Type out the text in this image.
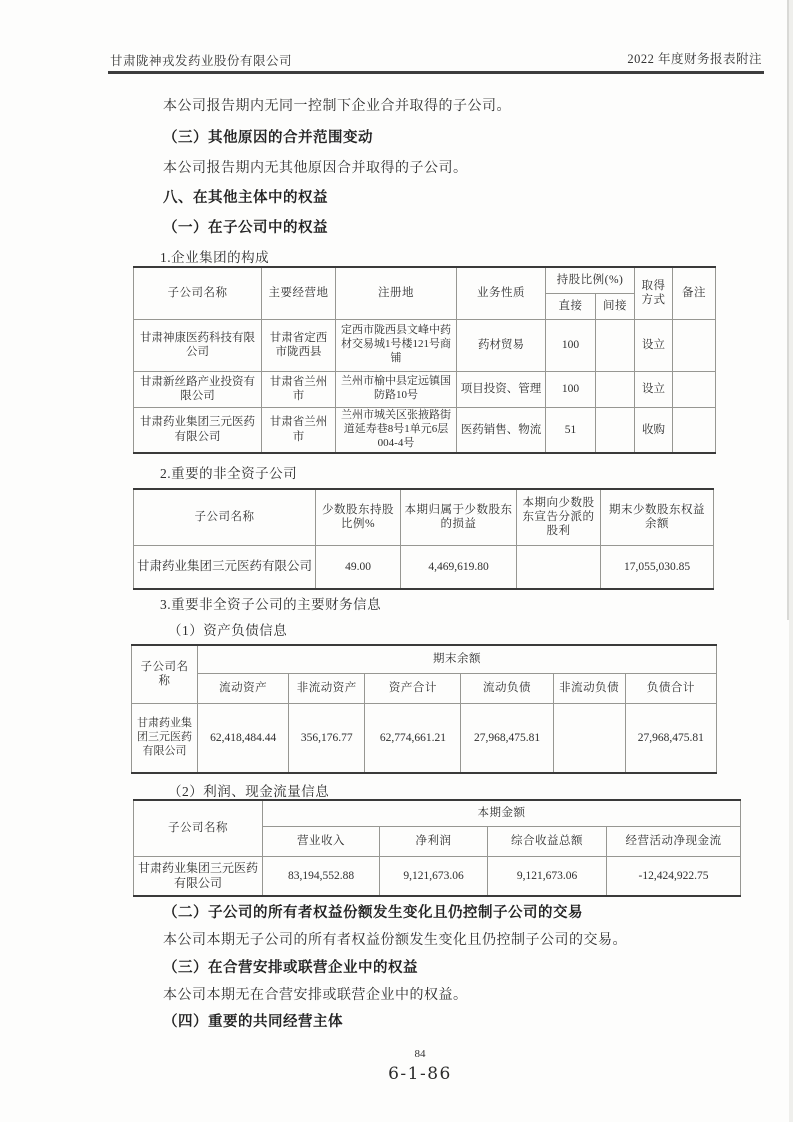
甘肃陇神戎发药业股份有限公司	2022 年度财务报表附注
本公司报告期内无同一控制下企业合并取得的子公司。
（三）其他原因的合并范围变动
本公司报告期内无其他原因合并取得的子公司。
八、在其他主体中的权益
（一）在子公司中的权益
1.企业集团的构成
子公司名称	主要经营地	注册地	业务性质	持股比例(%)		取得方式	备注
				直接	间接		
甘肃神康医药科技有限公司	甘肃省定西市陇西县	定西市陇西县文峰中药材交易城1号楼121号商铺	药材贸易	100		设立	
甘肃新丝路产业投资有限公司	甘肃省兰州市	兰州市榆中县定远镇国防路10号	项目投资、管理	100		设立	
甘肃药业集团三元医药有限公司	甘肃省兰州市	兰州市城关区张掖路街道延寿巷8号1单元6层004-4号	医药销售、物流	51		收购	
2.重要的非全资子公司
子公司名称	少数股东持股比例%	本期归属于少数股东的损益	本期向少数股东宣告分派的股利	期末少数股东权益余额
甘肃药业集团三元医药有限公司	49.00	4,469,619.80		17,055,030.85
3.重要非全资子公司的主要财务信息
（1）资产负债信息
子公司名称	期末余额					
	流动资产	非流动资产	资产合计	流动负债	非流动负债	负债合计
甘肃药业集团三元医药有限公司	62,418,484.44	356,176.77	62,774,661.21	27,968,475.81		27,968,475.81
（2）利润、现金流量信息
子公司名称	本期金额			
	营业收入	净利润	综合收益总额	经营活动净现金流
甘肃药业集团三元医药有限公司	83,194,552.88	9,121,673.06	9,121,673.06	-12,424,922.75
（二）子公司的所有者权益份额发生变化且仍控制子公司的交易
本公司本期无子公司的所有者权益份额发生变化且仍控制子公司的交易。
（三）在合营安排或联营企业中的权益
本公司本期无在合营安排或联营企业中的权益。
（四）重要的共同经营主体
84
6-1-86
